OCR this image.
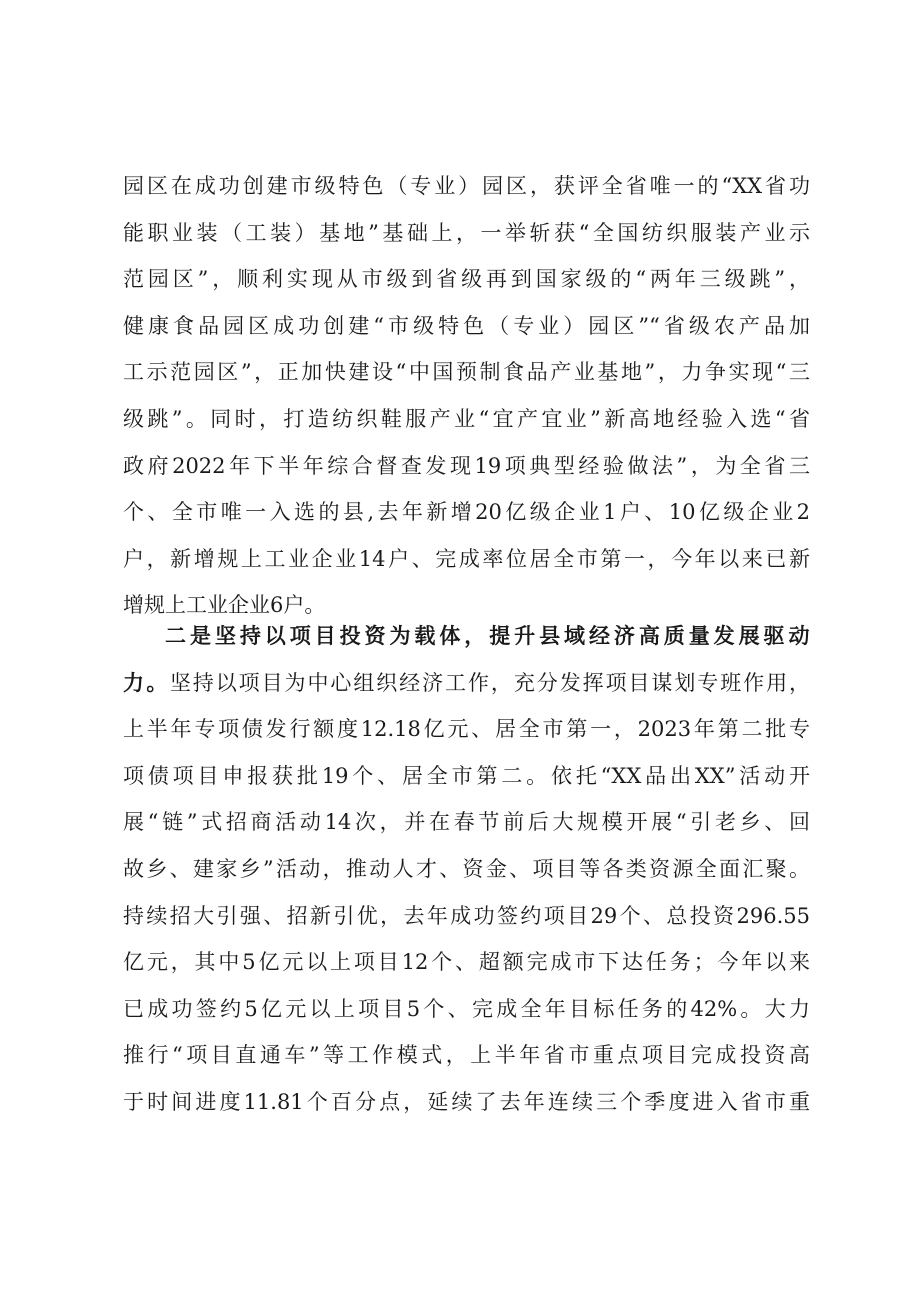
园区在成功创建市级特色（专业）园区，获评全省唯一的“XX省功
能职业装（工装）基地”基础上，一举斩获“全国纺织服装产业示
范园区”，顺利实现从市级到省级再到国家级的“两年三级跳”，
健康食品园区成功创建“市级特色（专业）园区”“省级农产品加
工示范园区”，正加快建设“中国预制食品产业基地”，力争实现“三
级跳”。同时，打造纺织鞋服产业“宜产宜业”新高地经验入选“省
政府2022年下半年综合督查发现19项典型经验做法”，为全省三
个、全市唯一入选的县,去年新增20亿级企业1户、10亿级企业2
户，新增规上工业企业14户、完成率位居全市第一，今年以来已新
增规上工业企业6户。
二是坚持以项目投资为载体，提升县域经济高质量发展驱动
力。坚持以项目为中心组织经济工作，充分发挥项目谋划专班作用，
上半年专项债发行额度12.18亿元、居全市第一，2023年第二批专
项债项目申报获批19个、居全市第二。依托“XX品出XX”活动开
展“链”式招商活动14次，并在春节前后大规模开展“引老乡、回
故乡、建家乡”活动，推动人才、资金、项目等各类资源全面汇聚。
持续招大引强、招新引优，去年成功签约项目29个、总投资296.55
亿元，其中5亿元以上项目12个、超额完成市下达任务；今年以来
已成功签约5亿元以上项目5个、完成全年目标任务的42%。大力
推行“项目直通车”等工作模式，上半年省市重点项目完成投资高
于时间进度11.81个百分点，延续了去年连续三个季度进入省市重
